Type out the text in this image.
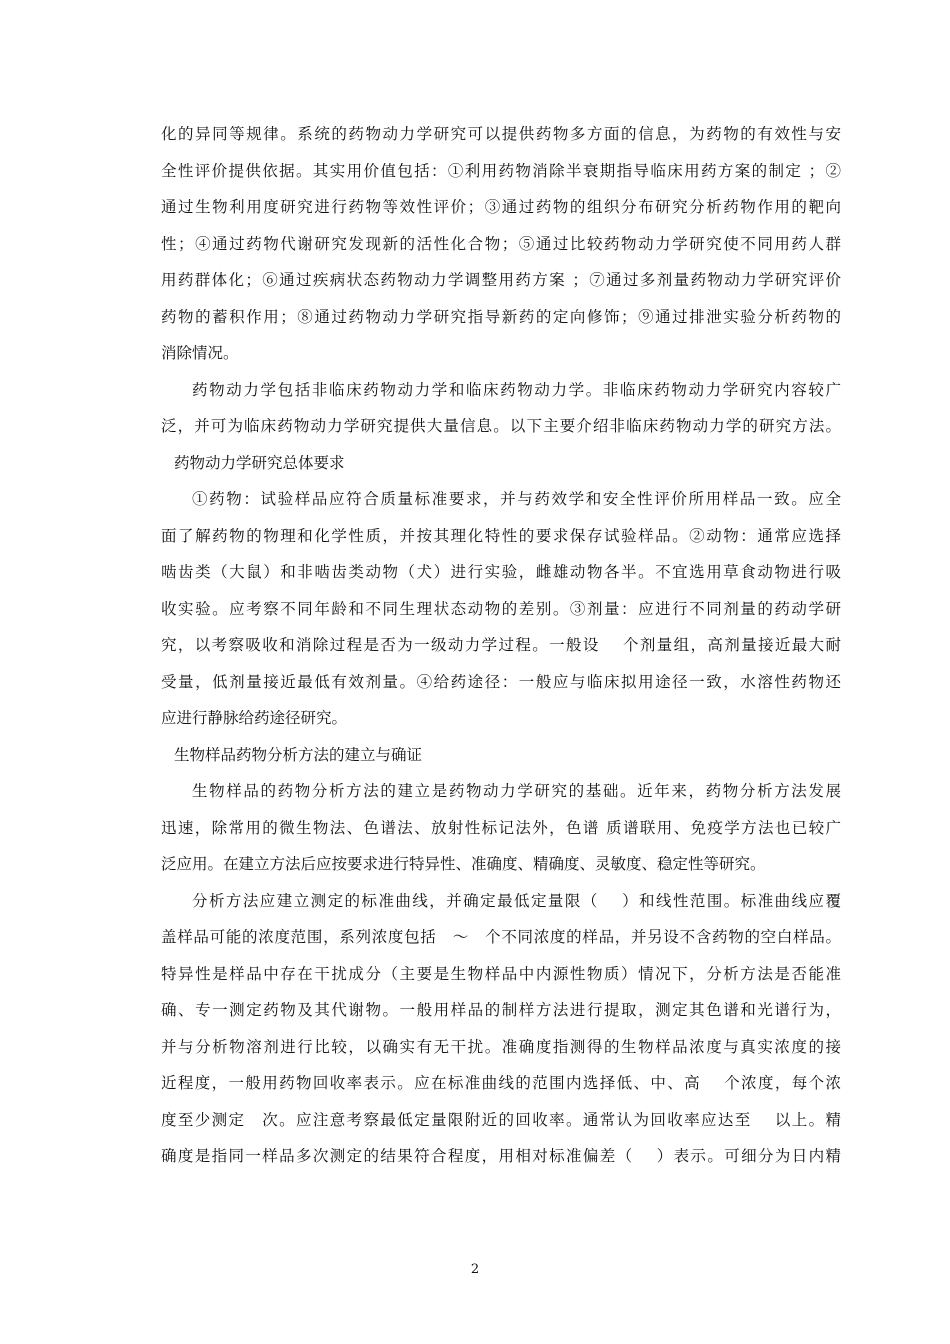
化的异同等规律。系统的药物动力学研究可以提供药物多方面的信息，为药物的有效性与安
全性评价提供依据。其实用价值包括：①利用药物消除半衰期指导临床用药方案的制定 ；②
通过生物利用度研究进行药物等效性评价；③通过药物的组织分布研究分析药物作用的靶向
性；④通过药物代谢研究发现新的活性化合物；⑤通过比较药物动力学研究使不同用药人群
用药群体化；⑥通过疾病状态药物动力学调整用药方案 ；⑦通过多剂量药物动力学研究评价
药物的蓄积作用；⑧通过药物动力学研究指导新药的定向修饰；⑨通过排泄实验分析药物的
消除情况。
药物动力学包括非临床药物动力学和临床药物动力学。非临床药物动力学研究内容较广
泛，并可为临床药物动力学研究提供大量信息。以下主要介绍非临床药物动力学的研究方法。
药物动力学研究总体要求
①药物：试验样品应符合质量标准要求，并与药效学和安全性评价所用样品一致。应全
面了解药物的物理和化学性质，并按其理化特性的要求保存试验样品。②动物：通常应选择
啮齿类（大鼠）和非啮齿类动物（犬）进行实验，雌雄动物各半。不宜选用草食动物进行吸
收实验。应考察不同年龄和不同生理状态动物的差别。③剂量：应进行不同剂量的药动学研
究，以考察吸收和消除过程是否为一级动力学过程。一般设　 个剂量组，高剂量接近最大耐
受量，低剂量接近最低有效剂量。④给药途径：一般应与临床拟用途径一致，水溶性药物还
应进行静脉给药途径研究。
生物样品药物分析方法的建立与确证
生物样品的药物分析方法的建立是药物动力学研究的基础。近年来，药物分析方法发展
迅速，除常用的微生物法、色谱法、放射性标记法外，色谱 质谱联用、免疫学方法也已较广
泛应用。在建立方法后应按要求进行特异性、准确度、精确度、灵敏度、稳定性等研究。
分析方法应建立测定的标准曲线，并确定最低定量限（　 ）和线性范围。标准曲线应覆
盖样品可能的浓度范围，系列浓度包括　～　个不同浓度的样品，并另设不含药物的空白样品。
特异性是样品中存在干扰成分（主要是生物样品中内源性物质）情况下，分析方法是否能准
确、专一测定药物及其代谢物。一般用样品的制样方法进行提取，测定其色谱和光谱行为，
并与分析物溶剂进行比较，以确实有无干扰。准确度指测得的生物样品浓度与真实浓度的接
近程度，一般用药物回收率表示。应在标准曲线的范围内选择低、中、高　 个浓度，每个浓
度至少测定　次。应注意考察最低定量限附近的回收率。通常认为回收率应达至　 以上。精
确度是指同一样品多次测定的结果符合程度，用相对标准偏差（　 ）表示。可细分为日内精
2
